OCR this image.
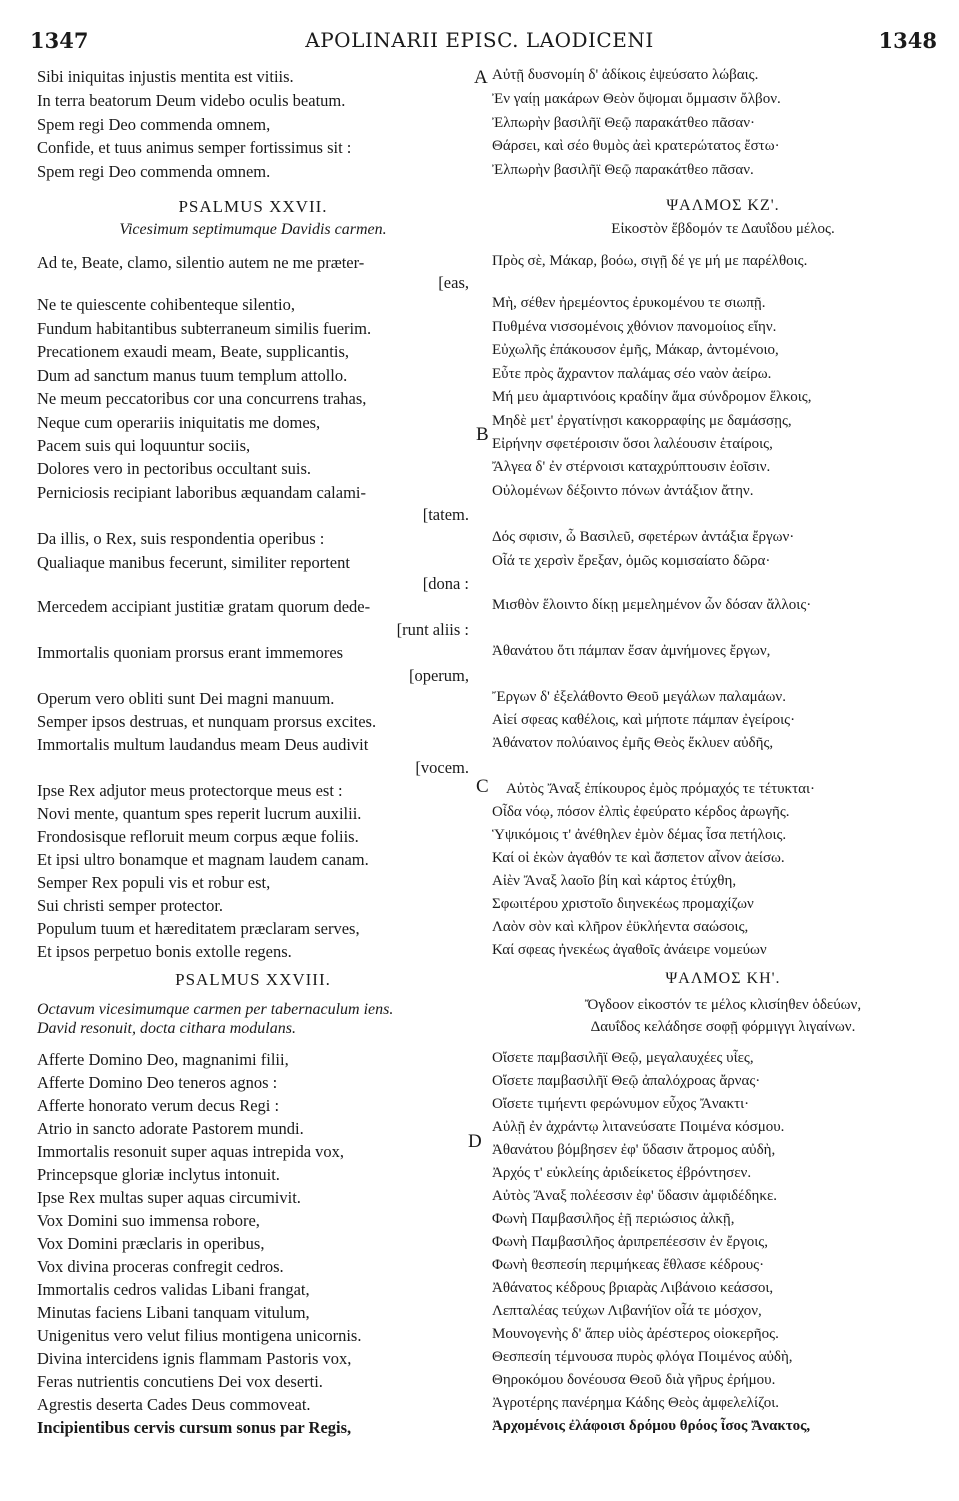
1347	APOLINARII EPISC. LAODICENI	1348
A
B
C
D
Sibi iniquitas injustis mentita est vitiis.
In terra beatorum Deum videbo oculis beatum.
Spem regi Deo commenda omnem,
Confide, et tuus animus semper fortissimus sit :
Spem regi Deo commenda omnem.
PSALMUS XXVII.
Vicesimum septimumque Davidis carmen.
Ad te, Beate, clamo, silentio autem ne me præter-
[eas,
Ne te quiescente cohibenteque silentio,
Fundum habitantibus subterraneum similis fuerim.
Precationem exaudi meam, Beate, supplicantis,
Dum ad sanctum manus tuum templum attollo.
Ne meum peccatoribus cor una concurrens trahas,
Neque cum operariis iniquitatis me domes,
Pacem suis qui loquuntur sociis,
Dolores vero in pectoribus occultant suis.
Perniciosis recipiant laboribus æquandam calami-
[tatem.
Da illis, o Rex, suis respondentia operibus :
Qualiaque manibus fecerunt, similiter reportent
[dona :
Mercedem accipiant justitiæ gratam quorum dede-
[runt aliis :
Immortalis quoniam prorsus erant immemores
[operum,
Operum vero obliti sunt Dei magni manuum.
Semper ipsos destruas, et nunquam prorsus excites.
Immortalis multum laudandus meam Deus audivit
[vocem.
Ipse Rex adjutor meus protectorque meus est :
Novi mente, quantum spes reperit lucrum auxilii.
Frondosisque refloruit meum corpus æque foliis.
Et ipsi ultro bonamque et magnam laudem canam.
Semper Rex populi vis et robur est,
Sui christi semper protector.
Populum tuum et hæreditatem præclaram serves,
Et ipsos perpetuo bonis extolle regens.
PSALMUS XXVIII.
Octavum vicesimumque carmen per tabernaculum iens.
David resonuit, docta cithara modulans.
Afferte Domino Deo, magnanimi filii,
Afferte Domino Deo teneros agnos :
Afferte honorato verum decus Regi :
Atrio in sancto adorate Pastorem mundi.
Immortalis resonuit super aquas intrepida vox,
Princepsque gloriæ inclytus intonuit.
Ipse Rex multas super aquas circumivit.
Vox Domini suo immensa robore,
Vox Domini præclaris in operibus,
Vox divina proceras confregit cedros.
Immortalis cedros validas Libani frangat,
Minutas faciens Libani tanquam vitulum,
Unigenitus vero velut filius montigena unicornis.
Divina intercidens ignis flammam Pastoris vox,
Feras nutrientis concutiens Dei vox deserti.
Agrestis deserta Cades Deus commoveat.
Incipientibus cervis cursum sonus par Regis,
Αὐτῇ δυσνομίη δ' ἀδίκοις ἐψεύσατο λώβαις.
Ἐν γαίῃ μακάρων Θεὸν ὄψομαι ὄμμασιν ὄλβον.
Ἐλπωρὴν βασιλῆϊ Θεῷ παρακάτθεο πᾶσαν·
Θάρσει, καὶ σέο θυμὸς ἀεὶ κρατερώτατος ἔστω·
Ἐλπωρὴν βασιλῆϊ Θεῷ παρακάτθεο πᾶσαν.
ΨΑΛΜΟΣ ΚΖ'.
Εἰκοστὸν ἕβδομόν τε Δαυΐδου μέλος.
Πρὸς σὲ, Μάκαρ, βοόω, σιγῇ δέ γε μή με παρέλθοις.
Μὴ, σέθεν ἠρεμέοντος ἐρυκομένου τε σιωπῇ.
Πυθμένα νισσομένοις χθόνιον πανομοίιος εἴην.
Εὐχωλῆς ἐπάκουσον ἐμῆς, Μάκαρ, ἀντομένοιο,
Εὖτε πρὸς ἄχραντον παλάμας σέο ναὸν ἀείρω.
Μή μευ ἁμαρτινόοις κραδίην ἅμα σύνδρομον ἕλκοις,
Μηδὲ μετ' ἐργατίνῃσι κακορραφίης με δαμάσσῃς,
Εἰρήνην σφετέροισιν ὅσοι λαλέουσιν ἑταίροις,
Ἄλγεα δ' ἐν στέρνοισι καταχρύπτουσιν ἑοῖσιν.
Οὐλομένων δέξοιντο πόνων ἀντάξιον ἄτην.
Δός σφισιν, ὦ Βασιλεῦ, σφετέρων ἀντάξια ἔργων·
Οἷά τε χερσὶν ἔρεξαν, ὁμῶς κομισαίατο δῶρα·
Μισθὸν ἕλοιντο δίκῃ μεμελημένον ὧν δόσαν ἄλλοις·
Ἀθανάτου ὅτι πάμπαν ἔσαν ἀμνήμονες ἔργων,
Ἔργων δ' ἐξελάθοντο Θεοῦ μεγάλων παλαμάων.
Αἰεί σφεας καθέλοις, καὶ μήποτε πάμπαν ἐγείροις·
Ἀθάνατον πολύαινος ἐμῆς Θεὸς ἔκλυεν αὐδῆς,
Αὐτὸς Ἄναξ ἐπίκουρος ἐμὸς πρόμαχός τε τέτυκται·
Οἶδα νόῳ, πόσον ἐλπὶς ἐφεύρατο κέρδος ἀρωγῆς.
Ὑψικόμοις τ' ἀνέθηλεν ἐμὸν δέμας ἶσα πετήλοις.
Καί οἱ ἑκὼν ἀγαθόν τε καὶ ἄσπετον αἶνον ἀείσω.
Αἰὲν Ἄναξ λαοῖο βίη καὶ κάρτος ἐτύχθη,
Σφωιτέρου χριστοῖο διηνεκέως προμαχίζων
Λαὸν σὸν καὶ κλῆρον ἐϋκλήεντα σαώσοις,
Καί σφεας ἠνεκέως ἀγαθοῖς ἀνάειρε νομεύων
ΨΑΛΜΟΣ ΚΗ'.
Ὄγδοον εἰκοστόν τε μέλος κλισίηθεν ὁδεύων,
Δαυΐδος κελάδησε σοφῇ φόρμιγγι λιγαίνων.
Οἴσετε παμβασιλῆϊ Θεῷ, μεγαλαυχέες υἷες,
Οἴσετε παμβασιλῆϊ Θεῷ ἀπαλόχροας ἄρνας·
Οἴσετε τιμήεντι φερώνυμον εὖχος Ἄνακτι·
Αὐλῇ ἐν ἀχράντῳ λιτανεύσατε Ποιμένα κόσμου.
Ἀθανάτου βόμβησεν ἐφ' ὕδασιν ἄτρομος αὐδὴ,
Ἀρχός τ' εὐκλείης ἀριδείκετος ἐβρόντησεν.
Αὐτὸς Ἄναξ πολέεσσιν ἐφ' ὕδασιν ἀμφιδέδηκε.
Φωνὴ Παμβασιλῆος ἑῇ περιώσιος ἀλκῇ,
Φωνὴ Παμβασιλῆος ἀριπρεπέεσσιν ἐν ἔργοις,
Φωνὴ θεσπεσίη περιμήκεας ἔθλασε κέδρους·
Ἀθάνατος κέδρους βριαρὰς Λιβάνοιο κεάσσοι,
Λεπταλέας τεύχων Λιβανήϊον οἷά τε μόσχον,
Μουνογενὴς δ' ἅπερ υἱὸς ἀρέστερος οἰοκερῆος.
Θεσπεσίη τέμνουσα πυρὸς φλόγα Ποιμένος αὐδὴ,
Θηροκόμου δονέουσα Θεοῦ διὰ γῆρυς ἐρήμου.
Ἀγροτέρης πανέρημα Κάδης Θεὸς ἀμφελελίζοι.
Ἀρχομένοις ἐλάφοισι δρόμου θρόος ἶσος Ἄνακτος,
